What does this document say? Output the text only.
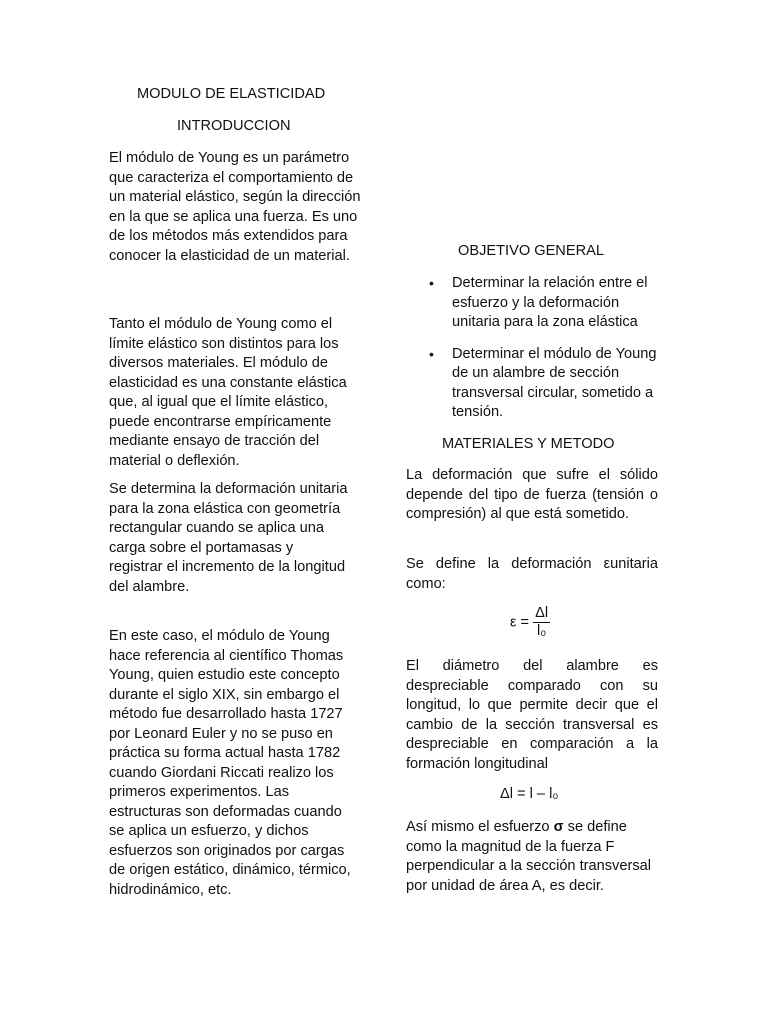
MODULO DE ELASTICIDAD
INTRODUCCION

El módulo de Young es un parámetro que caracteriza el comportamiento de un material elástico, según la dirección en la que se aplica una fuerza. Es uno de los métodos más extendidos para conocer la elasticidad de un material.

Tanto el módulo de Young como el límite elástico son distintos para los diversos materiales. El módulo de elasticidad es una constante elástica que, al igual que el límite elástico, puede encontrarse empíricamente mediante ensayo de tracción del material o deflexión.

Se determina la deformación unitaria para la zona elástica con geometría rectangular cuando se aplica una carga sobre el portamasas y registrar el incremento de la longitud del alambre.

En este caso, el módulo de Young hace referencia al científico Thomas Young, quien estudio este concepto durante el siglo XIX, sin embargo el método fue desarrollado hasta 1727 por Leonard Euler y no se puso en práctica su forma actual hasta 1782 cuando Giordani Riccati realizo los primeros experimentos. Las estructuras son deformadas cuando se aplica un esfuerzo, y dichos esfuerzos son originados por cargas de origen estático, dinámico, térmico, hidrodinámico, etc.

OBJETIVO GENERAL
• Determinar la relación entre el esfuerzo y la deformación unitaria para la zona elástica
• Determinar el módulo de Young de un alambre de sección transversal circular, sometido a tensión.
MATERIALES Y METODO

La deformación que sufre el sólido depende del tipo de fuerza (tensión o compresión) al que está sometido.

Se define la deformación εunitaria como:

$\varepsilon = \frac{\Delta l}{\text{l₀}}$

El diámetro del alambre es despreciable comparado con su longitud, lo que permite decir que el cambio de la sección transversal es despreciable en comparación a la formación longitudinal

Δl = l – l₀

Así mismo el esfuerzo σ se define como la magnitud de la fuerza F perpendicular a la sección transversal por unidad de área A, es decir.
